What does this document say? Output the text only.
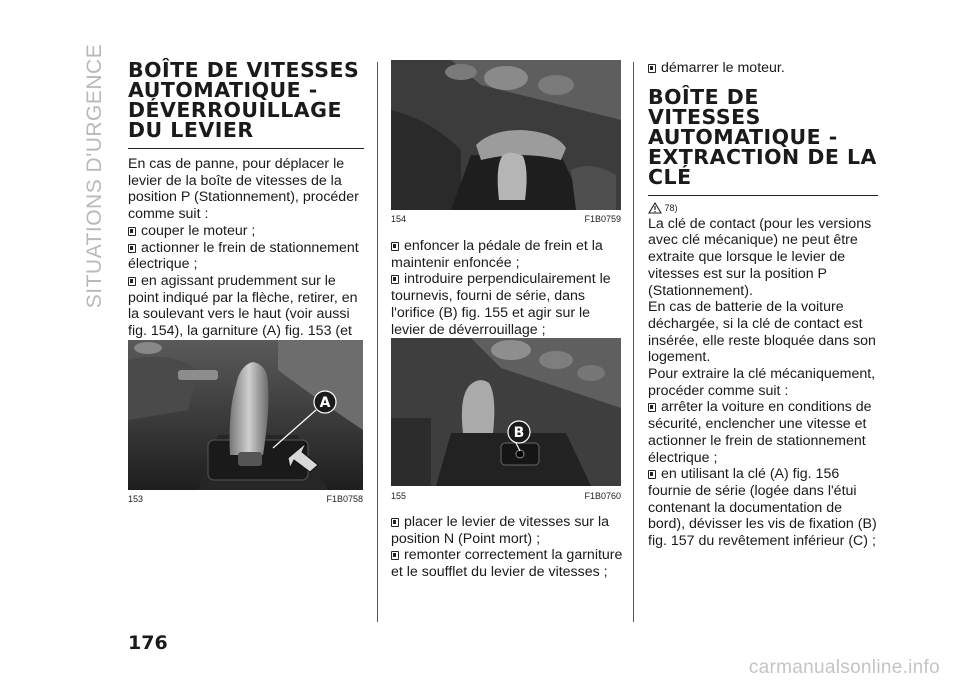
SITUATIONS D'URGENCE BOÎTE DE VITESSES
AUTOMATIQUE -
DÉVERROUILLAGE
DU LEVIER

En cas de panne, pour déplacer le levier de la boîte de vitesses de la position P (Stationnement), procéder comme suit :

couper le moteur ;
actionner le frein de stationnement électrique ;
en agissant prudemment sur le point indiqué par la flèche, retirer, en la soulevant vers le haut (voir aussi fig. 154), la garniture (A) fig. 153 (et
A
153	F1B0758
154	F1B0759
enfoncer la pédale de frein et la maintenir enfoncée ;
introduire perpendiculairement le tournevis, fourni de série, dans l'orifice (B) fig. 155 et agir sur le levier de déverrouillage ;
B
155	F1B0760
placer le levier de vitesses sur la position N (Point mort) ;
remonter correctement la garniture et le soufflet du levier de vitesses ;
démarrer le moteur.
BOÎTE DE VITESSES
AUTOMATIQUE -
EXTRACTION DE LA
CLÉ
78)

La clé de contact (pour les versions avec clé mécanique) ne peut être extraite que lorsque le levier de vitesses est sur la position P (Stationnement).

En cas de batterie de la voiture déchargée, si la clé de contact est insérée, elle reste bloquée dans son logement.

Pour extraire la clé mécaniquement, procéder comme suit :

arrêter la voiture en conditions de sécurité, enclencher une vitesse et actionner le frein de stationnement électrique ;
en utilisant la clé (A) fig. 156 fournie de série (logée dans l'étui contenant la documentation de bord), dévisser les vis de fixation (B) fig. 157 du revêtement inférieur (C) ;
176
carmanualsonline.info
